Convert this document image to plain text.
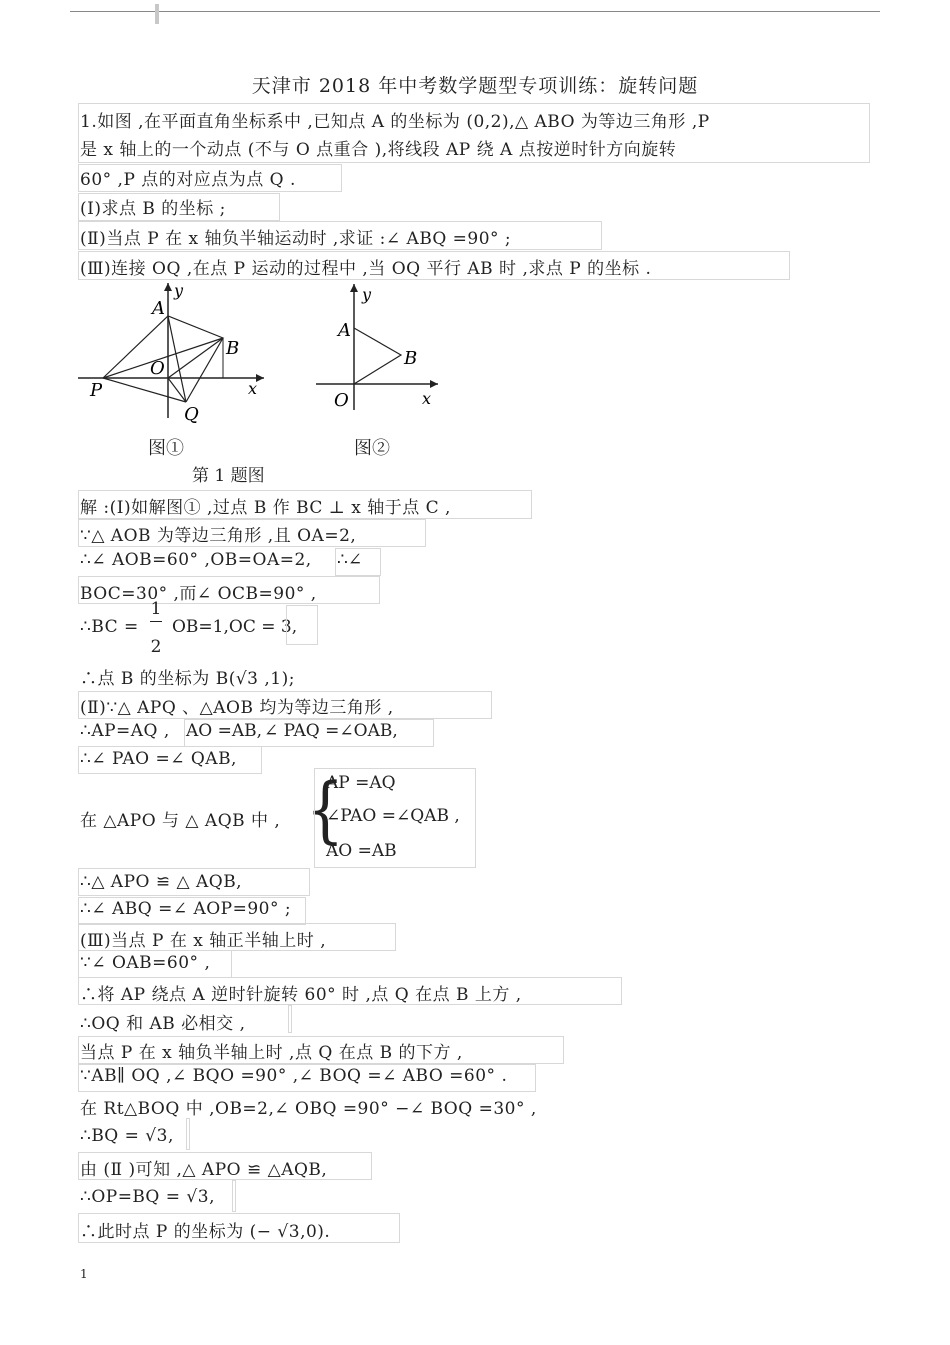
天津市 2018 年中考数学题型专项训练：旋转问题
1.如图 ,在平面直角坐标系中 ,已知点 A 的坐标为 (0,2),△ ABO 为等边三角形 ,P
是 x 轴上的一个动点 (不与 O 点重合 ),将线段 AP 绕 A 点按逆时针方向旋转
60° ,P 点的对应点为点 Q .
(Ⅰ)求点 B 的坐标 ;
(Ⅱ)当点 P 在 x 轴负半轴运动时 ,求证 :∠ ABQ =90° ;
(Ⅲ)连接 OQ ,在点 P 运动的过程中 ,当 OQ 平行 AB 时 ,求点 P 的坐标 .
A
y
B
O
P	x
Q
图①
A
y
B
O	x
图②
第 1 题图
解 :(Ⅰ)如解图① ,过点 B 作 BC ⊥ x 轴于点 C ,
∵△ AOB 为等边三角形 ,且 OA=2,
∴∠ AOB=60° ,OB=OA=2, ∴∠
BOC=30° ,而∠ OCB=90° ,
∴BC =
1
2
OB=1,OC = 3,
∴点 B 的坐标为 B(√3 ,1);
(Ⅱ)∵△ APQ 、△AOB 均为等边三角形 ,
∴AP=AQ , AO =AB, ∠ PAQ =∠OAB,
∴∠ PAO =∠ QAB,
在 △APO 与 △ AQB 中 , {
AP =AQ
∠PAO =∠QAB ,
AO =AB
∴△ APO ≌ △ AQB,
∴∠ ABQ =∠ AOP=90° ;
(Ⅲ)当点 P 在 x 轴正半轴上时 ,
∵∠ OAB=60° ,
∴将 AP 绕点 A 逆时针旋转 60° 时 ,点 Q 在点 B 上方 ,
∴OQ 和 AB 必相交 ,
当点 P 在 x 轴负半轴上时 ,点 Q 在点 B 的下方 ,
∵AB∥ OQ ,∠ BQO =90° ,∠ BOQ =∠ ABO =60° .
在 Rt△BOQ 中 ,OB=2,∠ OBQ =90° −∠ BOQ =30° ,
∴BQ = √3,
由 (Ⅱ )可知 ,△ APO ≌ △AQB,
∴OP=BQ = √3,
∴此时点 P 的坐标为 (− √3,0).
1
